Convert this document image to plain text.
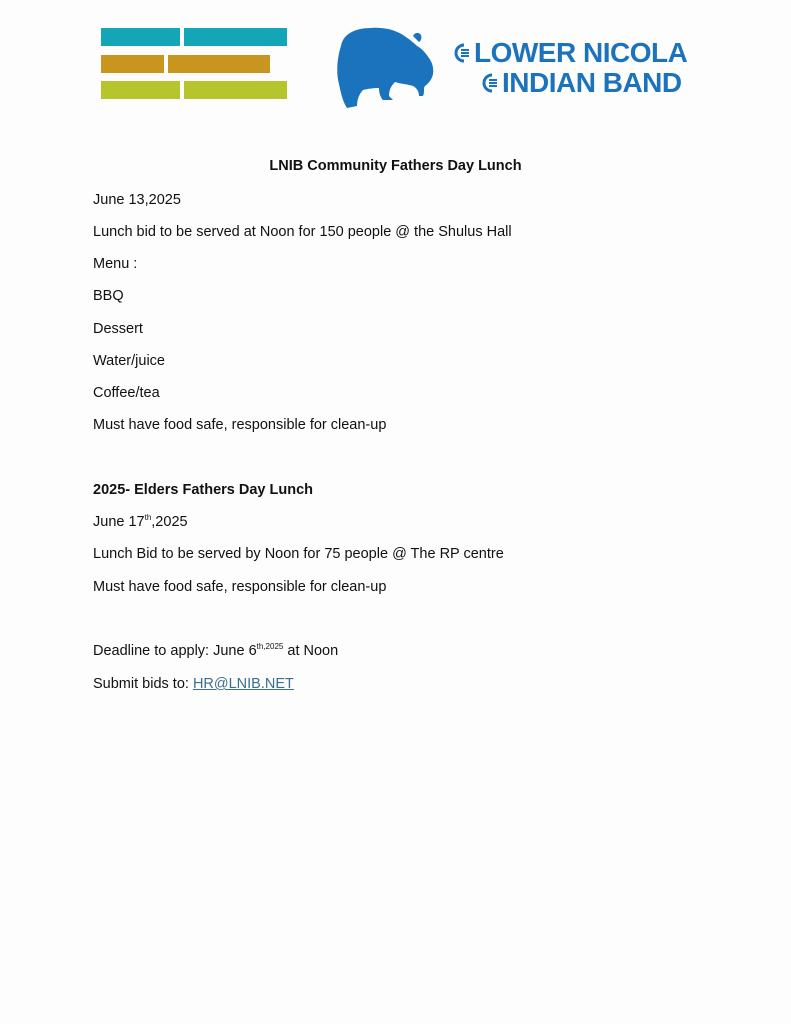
LOWER NICOLA
INDIAN BAND
LNIB Community Fathers Day Lunch
June 13,2025
Lunch bid to be served at Noon for 150 people @ the Shulus Hall
Menu :
BBQ
Dessert
Water/juice
Coffee/tea
Must have food safe, responsible for clean-up
2025- Elders Fathers Day Lunch
June 17th,2025
Lunch Bid to be served by Noon for 75 people @ The RP centre
Must have food safe, responsible for clean-up
Deadline to apply: June $6^{th,2025}$ at Noon
Submit bids to: HR@LNIB.NET
